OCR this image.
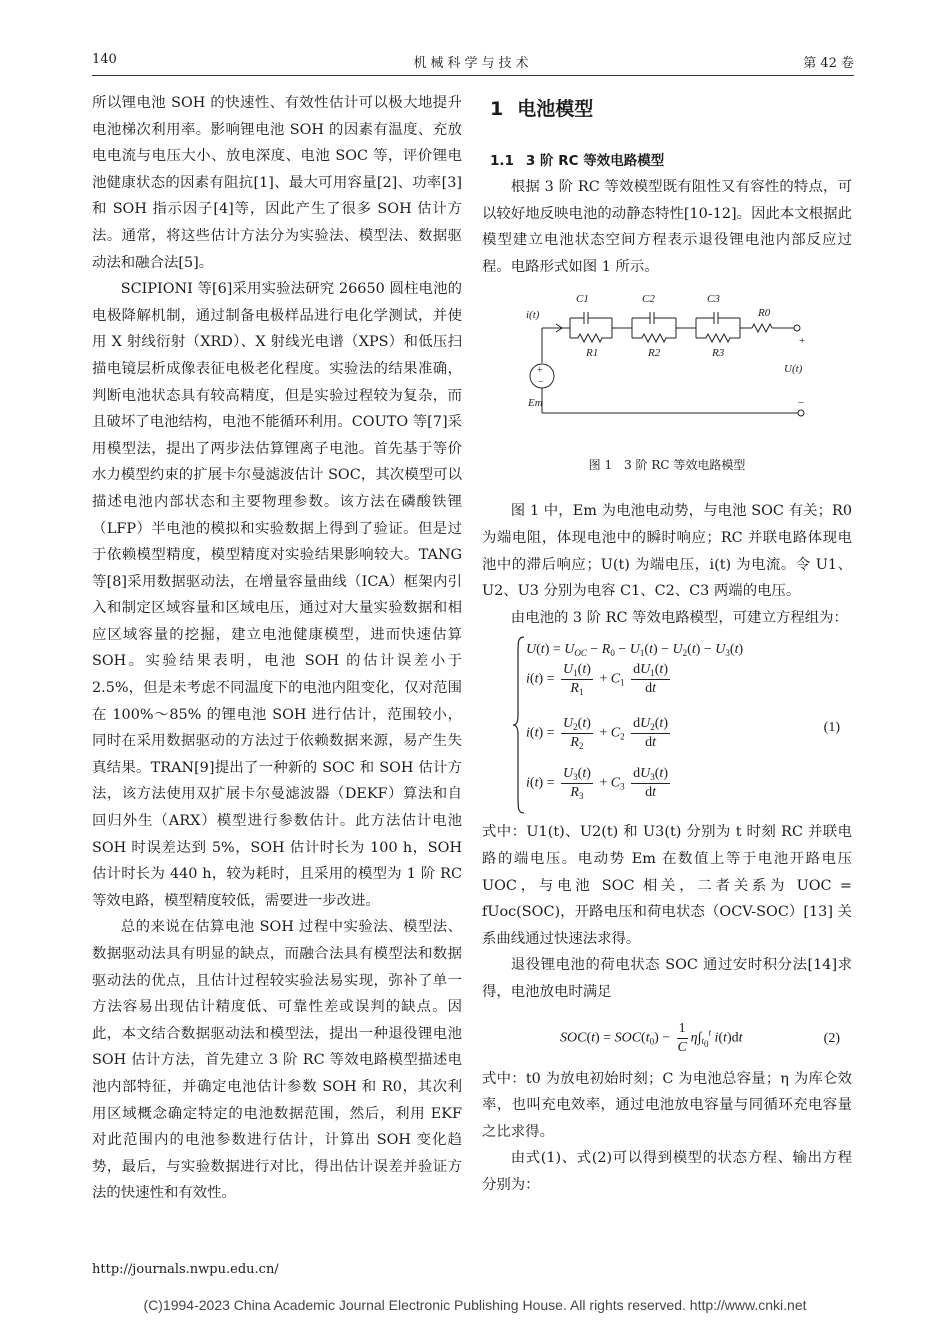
140	机械科学与技术	第 42 卷

所以锂电池 SOH 的快速性、有效性估计可以极大地提升电池梯次利用率。影响锂电池 SOH 的因素有温度、充放电电流与电压大小、放电深度、电池 SOC 等，评价锂电池健康状态的因素有阻抗[1]、最大可用容量[2]、功率[3]和 SOH 指示因子[4]等，因此产生了很多 SOH 估计方法。通常，将这些估计方法分为实验法、模型法、数据驱动法和融合法[5]。

SCIPIONI 等[6]采用实验法研究 26650 圆柱电池的电极降解机制，通过制备电极样品进行电化学测试，并使用 X 射线衍射（XRD）、X 射线光电谱（XPS）和低压扫描电镜层析成像表征电极老化程度。实验法的结果准确，判断电池状态具有较高精度，但是实验过程较为复杂，而且破坏了电池结构，电池不能循环利用。COUTO 等[7]采用模型法，提出了两步法估算锂离子电池。首先基于等价水力模型约束的扩展卡尔曼滤波估计 SOC，其次模型可以描述电池内部状态和主要物理参数。该方法在磷酸铁锂（LFP）半电池的模拟和实验数据上得到了验证。但是过于依赖模型精度，模型精度对实验结果影响较大。TANG 等[8]采用数据驱动法，在增量容量曲线（ICA）框架内引入和制定区域容量和区域电压，通过对大量实验数据和相应区域容量的挖掘，建立电池健康模型，进而快速估算 SOH。实验结果表明，电池 SOH 的估计误差小于 2.5%，但是未考虑不同温度下的电池内阻变化，仅对范围在 100%～85% 的锂电池 SOH 进行估计，范围较小，同时在采用数据驱动的方法过于依赖数据来源，易产生失真结果。TRAN[9]提出了一种新的 SOC 和 SOH 估计方法，该方法使用双扩展卡尔曼滤波器（DEKF）算法和自回归外生（ARX）模型进行参数估计。此方法估计电池 SOH 时误差达到 5%，SOH 估计时长为 100 h，SOH 估计时长为 440 h，较为耗时，且采用的模型为 1 阶 RC 等效电路，模型精度较低，需要进一步改进。

总的来说在估算电池 SOH 过程中实验法、模型法、数据驱动法具有明显的缺点，而融合法具有模型法和数据驱动法的优点，且估计过程较实验法易实现，弥补了单一方法容易出现估计精度低、可靠性差或误判的缺点。因此，本文结合数据驱动法和模型法，提出一种退役锂电池 SOH 估计方法，首先建立 3 阶 RC 等效电路模型描述电池内部特征，并确定电池估计参数 SOH 和 R0，其次利用区域概念确定特定的电池数据范围，然后，利用 EKF 对此范围内的电池参数进行估计，计算出 SOH 变化趋势，最后，与实验数据进行对比，得出估计误差并验证方法的快速性和有效性。

1 电池模型
1.1 3 阶 RC 等效电路模型

根据 3 阶 RC 等效模型既有阻性又有容性的特点，可以较好地反映电池的动静态特性[10-12]。因此本文根据此模型建立电池状态空间方程表示退役锂电池内部反应过程。电路形式如图 1 所示。

+
−
C1	C2	C3
R0
R1	R2	R3
i(t)
U(t)
Em
+
−
图 1　3 阶 RC 等效电路模型

图 1 中，Em 为电池电动势，与电池 SOC 有关；R0 为端电阻，体现电池中的瞬时响应；RC 并联电路体现电池中的滞后响应；U(t) 为端电压，i(t) 为电流。令 U1、U2、U3 分别为电容 C1、C2、C3 两端的电压。

由电池的 3 阶 RC 等效电路模型，可建立方程组为：

$U(t) = U_{OC} - R_0 - U_1(t) - U_2(t) - U_3(t)$
$i(t) = \frac{U_1(t)}{R_1} + C_1 \frac{dU_1(t)}{dt}$
$i(t) = \frac{U_2(t)}{R_2} + C_2 \frac{dU_2(t)}{dt}$
$i(t) = \frac{U_3(t)}{R_3} + C_3 \frac{dU_3(t)}{dt}$
(1)

式中：U1(t)、U2(t) 和 U3(t) 分别为 t 时刻 RC 并联电路的端电压。电动势 Em 在数值上等于电池开路电压 UOC，与电池 SOC 相关，二者关系为 UOC = fUoc(SOC)，开路电压和荷电状态（OCV-SOC）[13] 关系曲线通过快速法求得。

退役锂电池的荷电状态 SOC 通过安时积分法[14]求得，电池放电时满足

$SOC(t) = SOC(t_0) - \frac{1}{C} \eta\int_{t_0}^t$ i(t)dt	(2)

式中：t0 为放电初始时刻；C 为电池总容量；η 为库仑效率，也叫充电效率，通过电池放电容量与同循环充电容量之比求得。

由式(1)、式(2)可以得到模型的状态方程、输出方程分别为：

http://journals.nwpu.edu.cn/
(C)1994-2023 China Academic Journal Electronic Publishing House. All rights reserved. http://www.cnki.net
